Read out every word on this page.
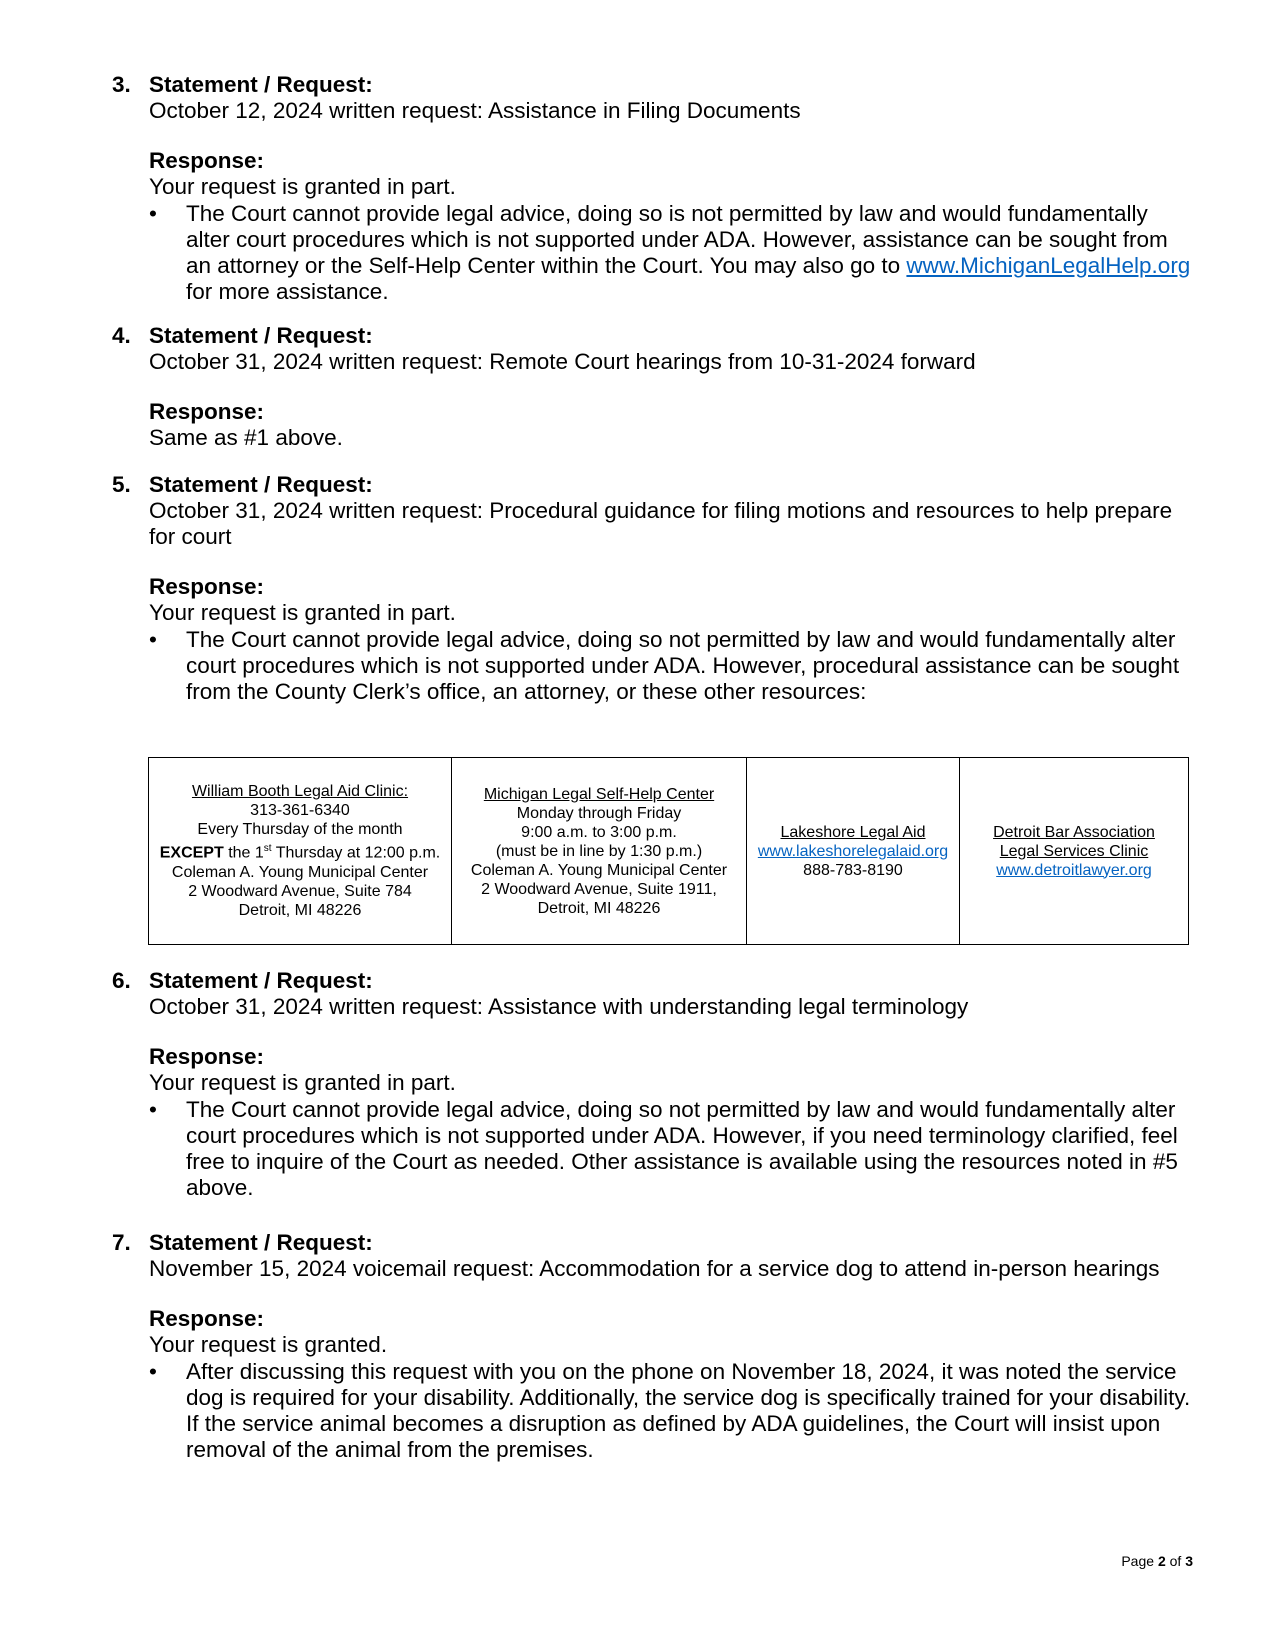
3. Statement / Request:
October 12, 2024 written request: Assistance in Filing Documents
Response:
Your request is granted in part.
• The Court cannot provide legal advice, doing so is not permitted by law and would fundamentally alter court procedures which is not supported under ADA. However, assistance can be sought from an attorney or the Self-Help Center within the Court. You may also go to www.MichiganLegalHelp.org for more assistance.
4. Statement / Request:
October 31, 2024 written request: Remote Court hearings from 10-31-2024 forward
Response:
Same as #1 above.
5. Statement / Request:
October 31, 2024 written request: Procedural guidance for filing motions and resources to help prepare for court
Response:
Your request is granted in part.
• The Court cannot provide legal advice, doing so not permitted by law and would fundamentally alter court procedures which is not supported under ADA. However, procedural assistance can be sought from the County Clerk’s office, an attorney, or these other resources:
William Booth Legal Aid Clinic:
313-361-6340
Every Thursday of the month
EXCEPT the 1st Thursday at 12:00 p.m.
Coleman A. Young Municipal Center
2 Woodward Avenue, Suite 784
Detroit, MI 48226

Michigan Legal Self-Help Center
Monday through Friday
9:00 a.m. to 3:00 p.m.
(must be in line by 1:30 p.m.)
Coleman A. Young Municipal Center
2 Woodward Avenue, Suite 1911,
Detroit, MI 48226

Lakeshore Legal Aid
www.lakeshorelegalaid.org
888-783-8190

Detroit Bar Association
Legal Services Clinic
www.detroitlawyer.org
6. Statement / Request:
October 31, 2024 written request: Assistance with understanding legal terminology
Response:
Your request is granted in part.
• The Court cannot provide legal advice, doing so not permitted by law and would fundamentally alter court procedures which is not supported under ADA. However, if you need terminology clarified, feel free to inquire of the Court as needed. Other assistance is available using the resources noted in #5 above.
7. Statement / Request:
November 15, 2024 voicemail request: Accommodation for a service dog to attend in-person hearings
Response:
Your request is granted.
• After discussing this request with you on the phone on November 18, 2024, it was noted the service dog is required for your disability. Additionally, the service dog is specifically trained for your disability. If the service animal becomes a disruption as defined by ADA guidelines, the Court will insist upon removal of the animal from the premises.
Page 2 of 3
